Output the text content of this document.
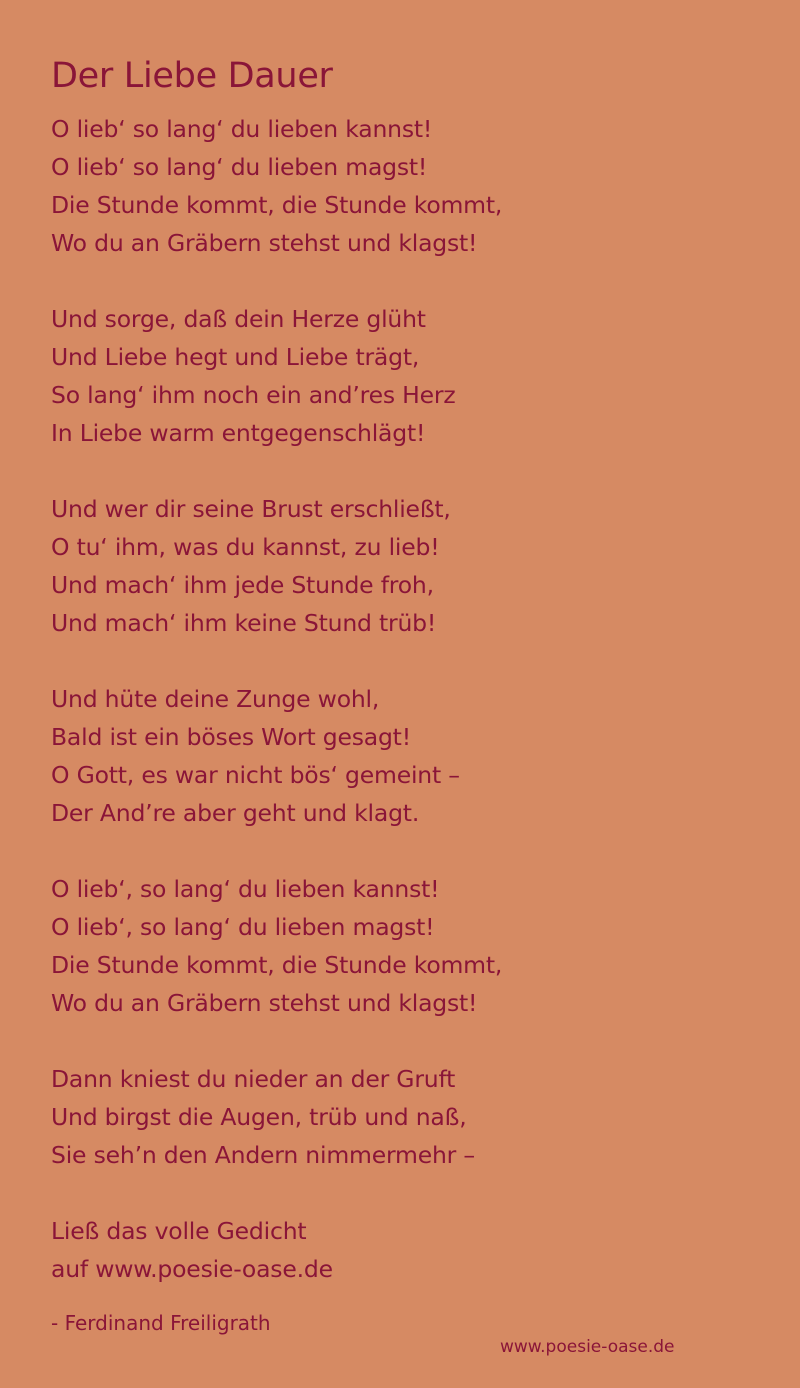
Der Liebe Dauer
O lieb‘ so lang‘ du lieben kannst!
O lieb‘ so lang‘ du lieben magst!
Die Stunde kommt, die Stunde kommt,
Wo du an Gräbern stehst und klagst!
Und sorge, daß dein Herze glüht
Und Liebe hegt und Liebe trägt,
So lang‘ ihm noch ein and’res Herz
In Liebe warm entgegenschlägt!
Und wer dir seine Brust erschließt,
O tu‘ ihm, was du kannst, zu lieb!
Und mach‘ ihm jede Stunde froh,
Und mach‘ ihm keine Stund trüb!
Und hüte deine Zunge wohl,
Bald ist ein böses Wort gesagt!
O Gott, es war nicht bös‘ gemeint –
Der And’re aber geht und klagt.
O lieb‘, so lang‘ du lieben kannst!
O lieb‘, so lang‘ du lieben magst!
Die Stunde kommt, die Stunde kommt,
Wo du an Gräbern stehst und klagst!
Dann kniest du nieder an der Gruft
Und birgst die Augen, trüb und naß,
Sie seh’n den Andern nimmermehr –
Ließ das volle Gedicht
auf www.poesie-oase.de
- Ferdinand Freiligrath
www.poesie-oase.de
